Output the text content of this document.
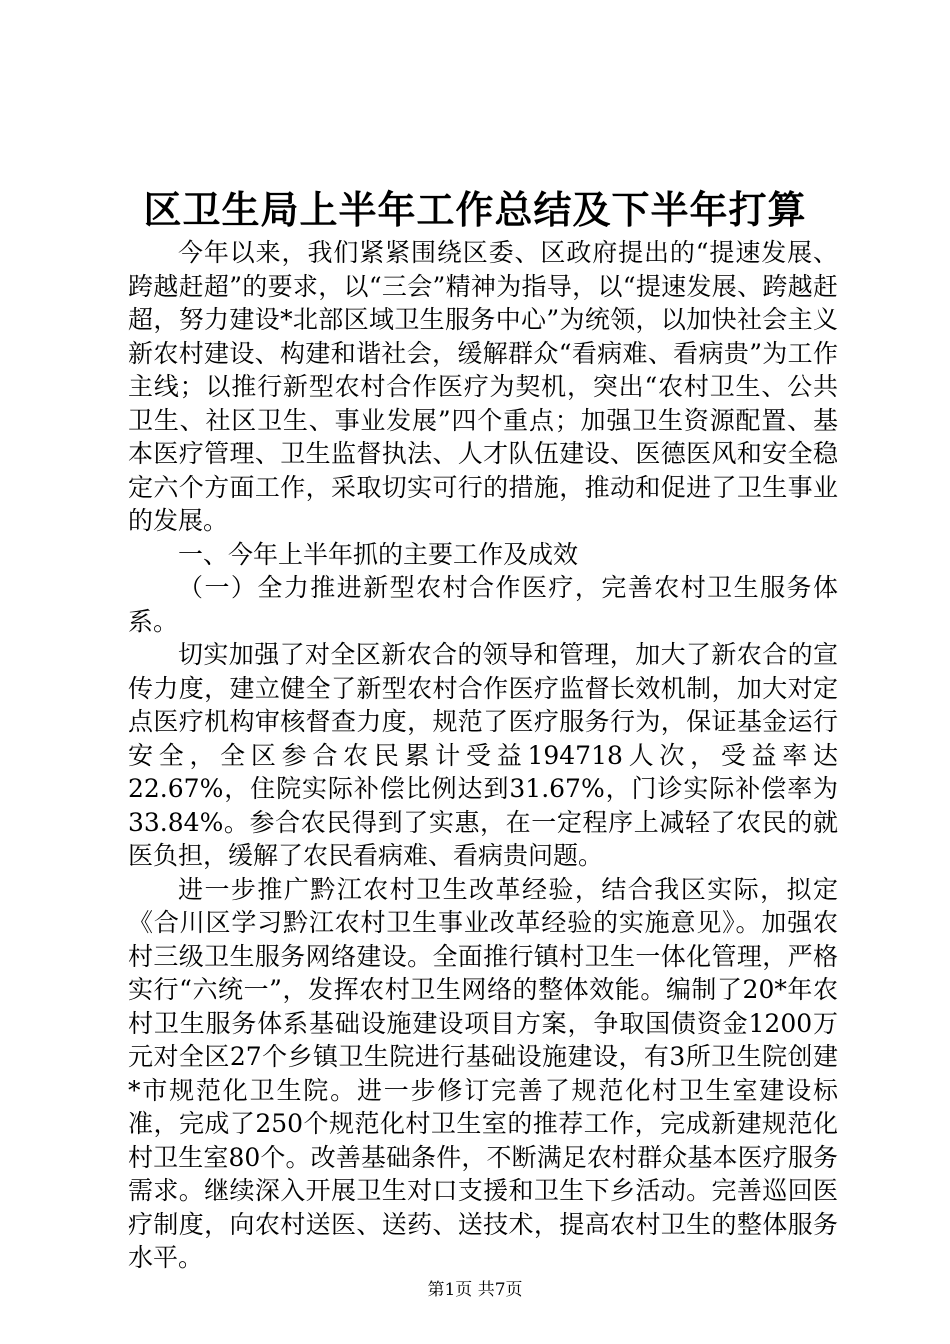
区卫生局上半年工作总结及下半年打算

今年以来，我们紧紧围绕区委、区政府提出的“提速发展、跨越赶超”的要求，以“三会”精神为指导，以“提速发展、跨越赶超，努力建设*北部区域卫生服务中心”为统领，以加快社会主义新农村建设、构建和谐社会，缓解群众“看病难、看病贵”为工作主线；以推行新型农村合作医疗为契机，突出“农村卫生、公共卫生、社区卫生、事业发展”四个重点；加强卫生资源配置、基本医疗管理、卫生监督执法、人才队伍建设、医德医风和安全稳定六个方面工作，采取切实可行的措施，推动和促进了卫生事业的发展。

一、今年上半年抓的主要工作及成效

（一）全力推进新型农村合作医疗，完善农村卫生服务体系。

切实加强了对全区新农合的领导和管理，加大了新农合的宣传力度，建立健全了新型农村合作医疗监督长效机制，加大对定点医疗机构审核督查力度，规范了医疗服务行为，保证基金运行安全，全区参合农民累计受益194718人次，受益率达22.67%，住院实际补偿比例达到31.67%，门诊实际补偿率为33.84%。参合农民得到了实惠，在一定程序上减轻了农民的就医负担，缓解了农民看病难、看病贵问题。

进一步推广黔江农村卫生改革经验，结合我区实际，拟定《合川区学习黔江农村卫生事业改革经验的实施意见》。加强农村三级卫生服务网络建设。全面推行镇村卫生一体化管理，严格实行“六统一”，发挥农村卫生网络的整体效能。编制了20*年农村卫生服务体系基础设施建设项目方案，争取国债资金1200万元对全区27个乡镇卫生院进行基础设施建设，有3所卫生院创建*市规范化卫生院。进一步修订完善了规范化村卫生室建设标准，完成了250个规范化村卫生室的推荐工作，完成新建规范化村卫生室80个。改善基础条件，不断满足农村群众基本医疗服务需求。继续深入开展卫生对口支援和卫生下乡活动。完善巡回医疗制度，向农村送医、送药、送技术，提高农村卫生的整体服务水平。

第1页 共7页
